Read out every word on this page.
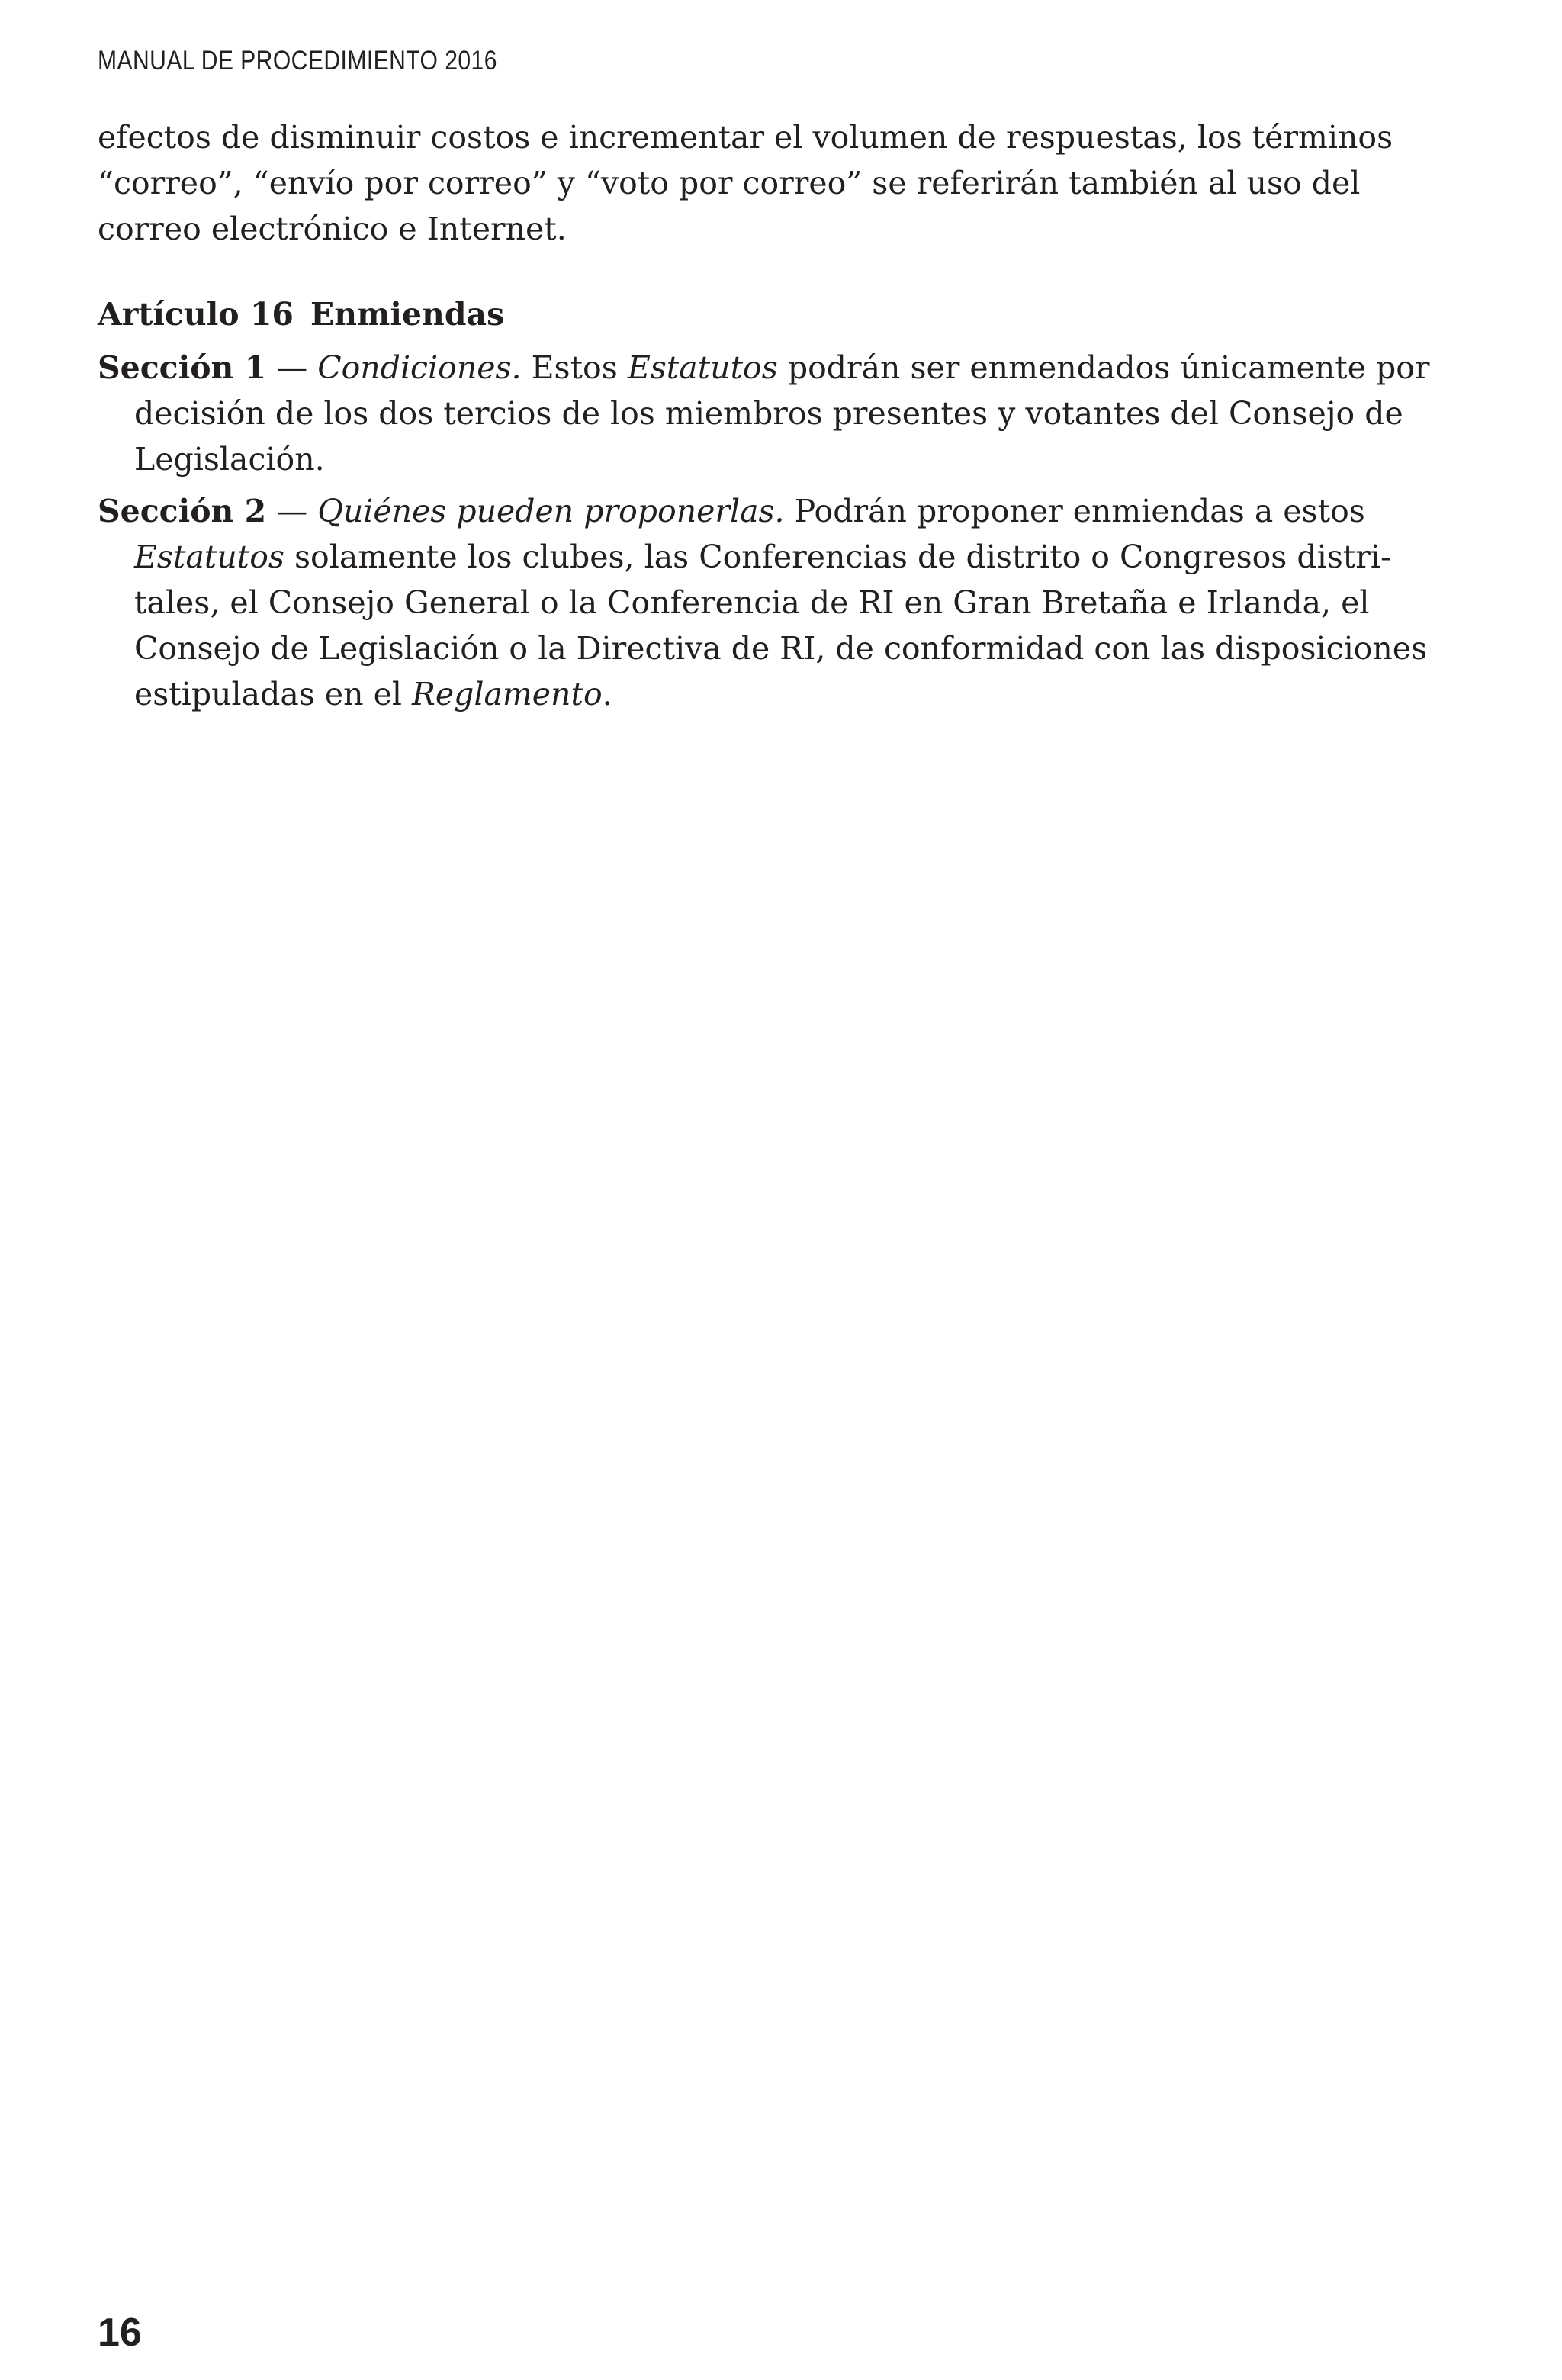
MANUAL DE PROCEDIMIENTO 2016

efectos de disminuir costos e incrementar el volumen de respuestas, los términos
“correo”, “envío por correo” y “voto por correo” se referirán también al uso del
correo electrónico e Internet.

Artículo 16 Enmiendas

Sección 1 — Condiciones. Estos Estatutos podrán ser enmendados únicamente por
decisión de los dos tercios de los miembros presentes y votantes del Consejo de
Legislación.

Sección 2 — Quiénes pueden proponerlas. Podrán proponer enmiendas a estos
Estatutos solamente los clubes, las Conferencias de distrito o Congresos distri-
tales, el Consejo General o la Conferencia de RI en Gran Bretaña e Irlanda, el
Consejo de Legislación o la Directiva de RI, de conformidad con las disposiciones
estipuladas en el Reglamento.

16
